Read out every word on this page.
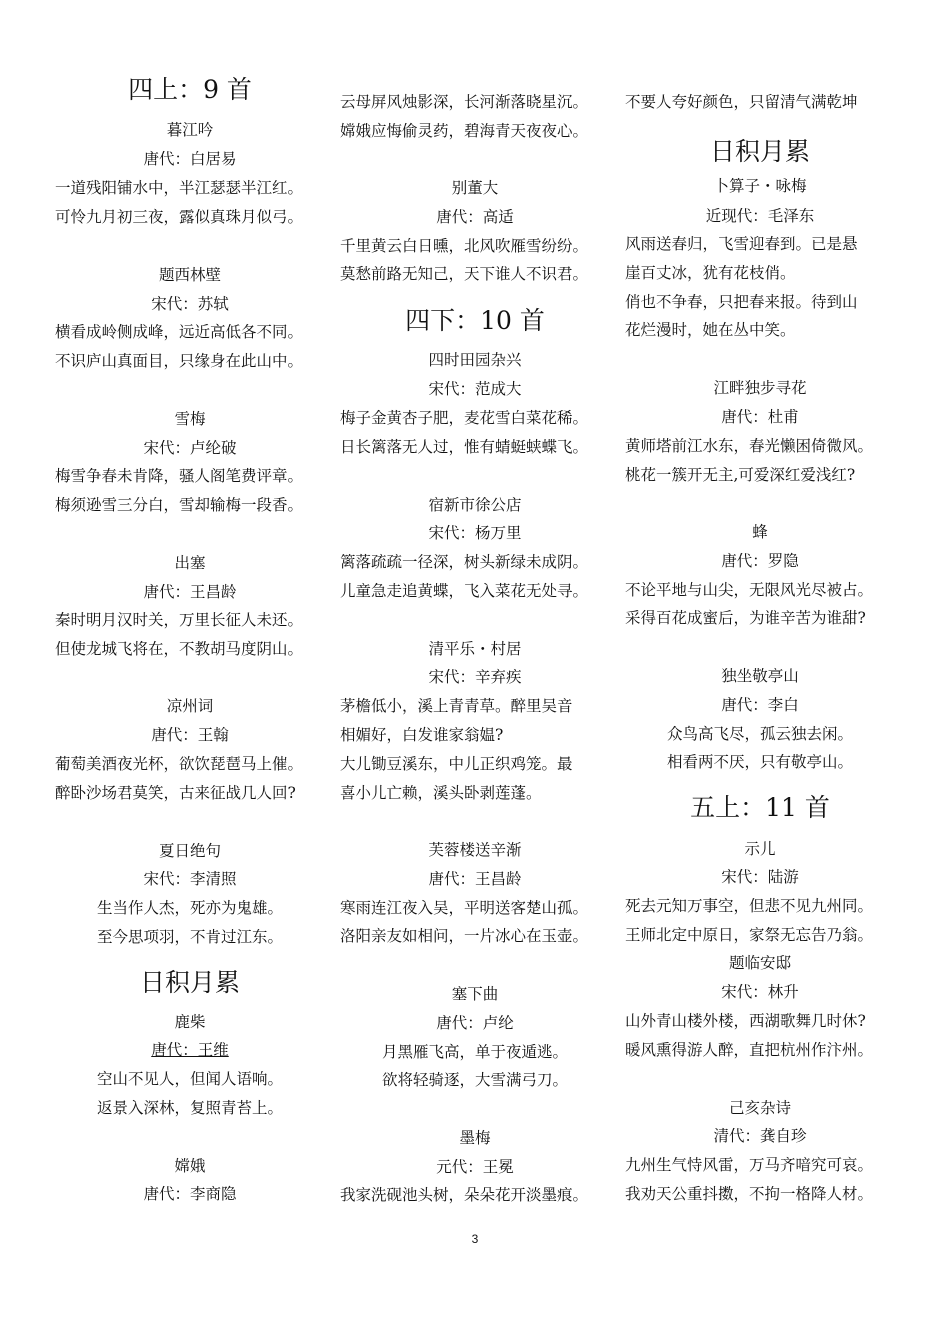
四上：9 首
暮江吟
唐代：白居易
一道残阳铺水中，半江瑟瑟半江红。
可怜九月初三夜，露似真珠月似弓。
题西林壁
宋代：苏轼
横看成岭侧成峰，远近高低各不同。
不识庐山真面目，只缘身在此山中。
雪梅
宋代：卢纶破
梅雪争春未肯降，骚人阁笔费评章。
梅须逊雪三分白，雪却输梅一段香。
出塞
唐代：王昌龄
秦时明月汉时关，万里长征人未还。
但使龙城飞将在，不教胡马度阴山。
凉州词
唐代：王翰
葡萄美酒夜光杯，欲饮琵琶马上催。
醉卧沙场君莫笑，古来征战几人回?
夏日绝句
宋代：李清照
生当作人杰，死亦为鬼雄。
至今思项羽，不肯过江东。
日积月累
鹿柴
唐代：王维
空山不见人，但闻人语响。
返景入深林，复照青苔上。
嫦娥
唐代：李商隐
云母屏风烛影深，长河渐落晓星沉。
嫦娥应悔偷灵药，碧海青天夜夜心。
别董大
唐代：高适
千里黄云白日曛，北风吹雁雪纷纷。
莫愁前路无知己，天下谁人不识君。
四下：10 首
四时田园杂兴
宋代：范成大
梅子金黄杏子肥，麦花雪白菜花稀。
日长篱落无人过，惟有蜻蜓蛱蝶飞。
宿新市徐公店
宋代：杨万里
篱落疏疏一径深，树头新绿未成阴。
儿童急走追黄蝶，飞入菜花无处寻。
清平乐・村居
宋代：辛弃疾
茅檐低小，溪上青青草。醉里吴音
相媚好，白发谁家翁媪?
大儿锄豆溪东，中儿正织鸡笼。最
喜小儿亡赖，溪头卧剥莲蓬。
芙蓉楼送辛渐
唐代：王昌龄
寒雨连江夜入吴，平明送客楚山孤。
洛阳亲友如相问，一片冰心在玉壶。
塞下曲
唐代：卢纶
月黑雁飞高，单于夜遁逃。
欲将轻骑逐，大雪满弓刀。
墨梅
元代：王冕
我家洗砚池头树，朵朵花开淡墨痕。
不要人夸好颜色，只留清气满乾坤
日积月累
卜算子・咏梅
近现代：毛泽东
风雨送春归，飞雪迎春到。已是悬
崖百丈冰，犹有花枝俏。
俏也不争春，只把春来报。待到山
花烂漫时，她在丛中笑。
江畔独步寻花
唐代：杜甫
黄师塔前江水东，春光懒困倚微风。
桃花一簇开无主,可爱深红爱浅红?
蜂
唐代：罗隐
不论平地与山尖，无限风光尽被占。
采得百花成蜜后，为谁辛苦为谁甜?
独坐敬亭山
唐代：李白
众鸟高飞尽，孤云独去闲。
相看两不厌，只有敬亭山。
五上：11 首
示儿
宋代：陆游
死去元知万事空，但悲不见九州同。
王师北定中原日，家祭无忘告乃翁。
题临安邸
宋代：林升
山外青山楼外楼，西湖歌舞几时休?
暖风熏得游人醉，直把杭州作汴州。
己亥杂诗
清代：龚自珍
九州生气恃风雷，万马齐喑究可哀。
我劝天公重抖擞，不拘一格降人材。
3
